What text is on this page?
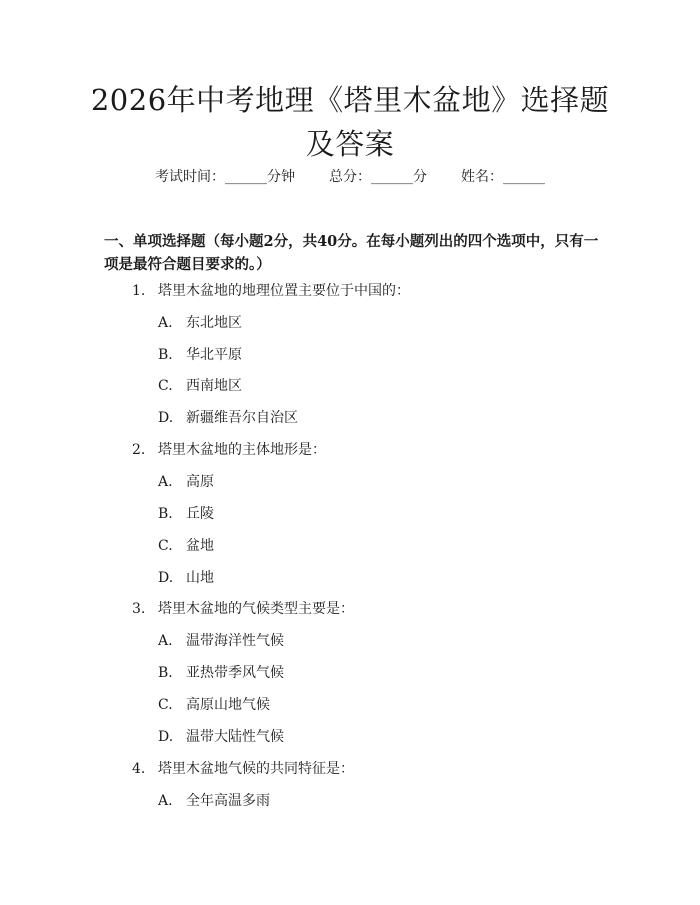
2026年中考地理《塔里木盆地》选择题及答案
考试时间：______分钟 总分：______分 姓名：______
一、单项选择题（每小题2分，共40分。在每小题列出的四个选项中，只有一项是最符合题目要求的。）
1. 塔里木盆地的地理位置主要位于中国的：
A. 东北地区
B. 华北平原
C. 西南地区
D. 新疆维吾尔自治区
2. 塔里木盆地的主体地形是：
A. 高原
B. 丘陵
C. 盆地
D. 山地
3. 塔里木盆地的气候类型主要是：
A. 温带海洋性气候
B. 亚热带季风气候
C. 高原山地气候
D. 温带大陆性气候
4. 塔里木盆地气候的共同特征是：
A. 全年高温多雨
